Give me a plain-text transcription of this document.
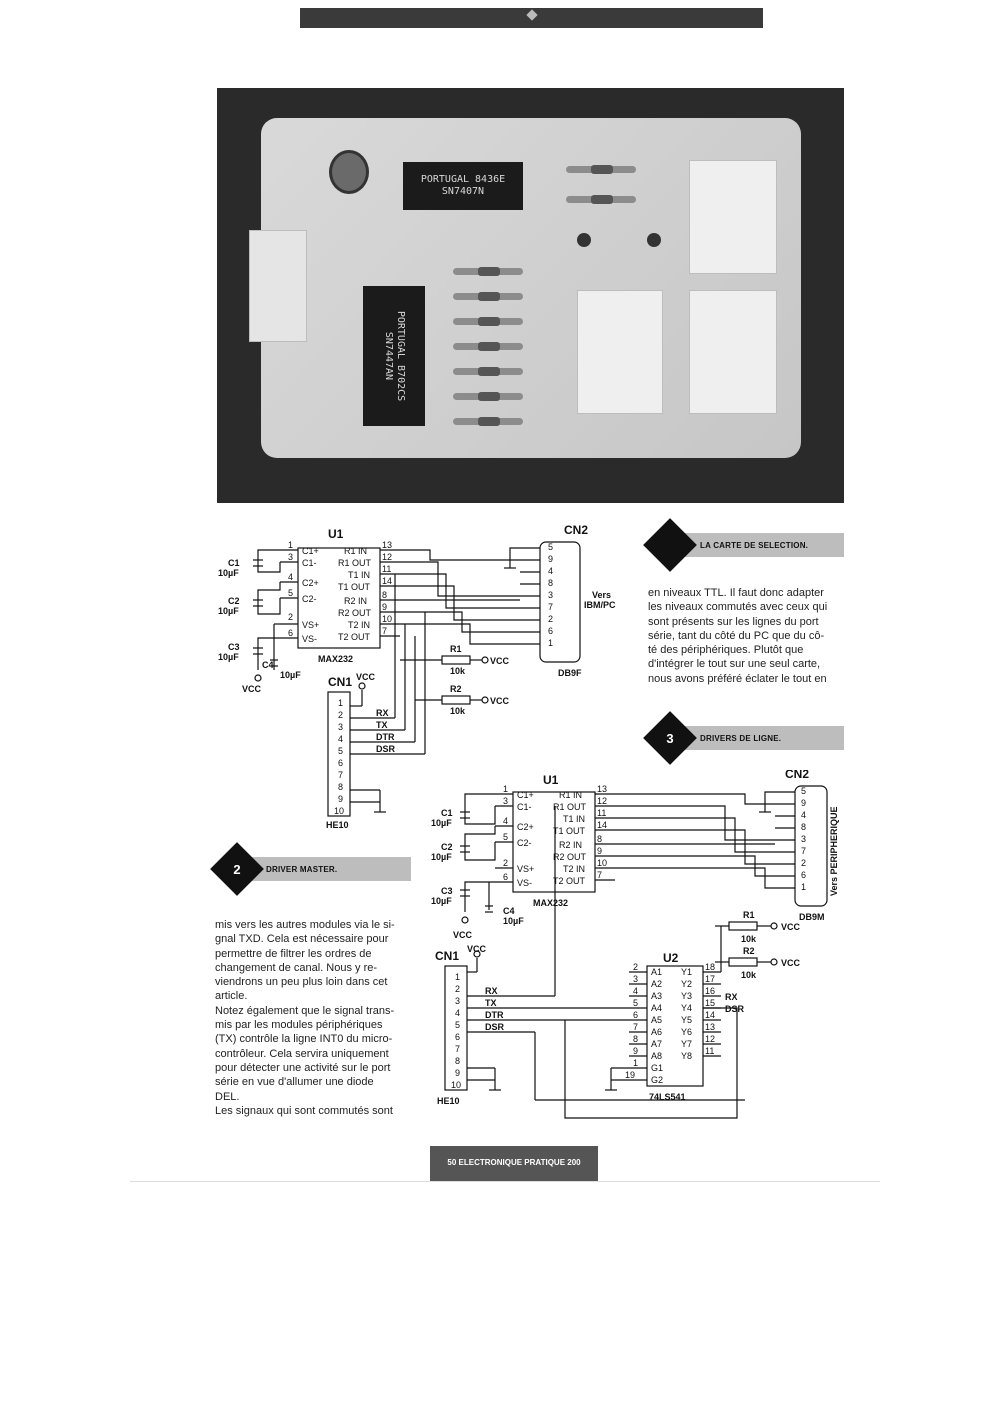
PORTUGAL 8436E
SN7407N
PORTUGAL B702CS
SN7447AN
U1
MAX232
C1+
C1-
C2+
C2-
VS+
VS-
1
3
4
5
2
6
R1 IN
R1 OUT
T1 IN
T1 OUT
R2 IN
R2 OUT
T2 IN
T2 OUT
13
12
11
14
8
9
10
7
C1
10µF
C2
10µF
C3
10µF
C4
10µF
VCC
R1
10k
R2
10k
VCC
VCC
VCC
CN2
DB9F
Vers
IBM/PC
5
9
4
8
3
7
2
6
1
CN1
HE10
1
2
3
4
5
6
7
8
9
10
RX
TX
DTR
DSR
LA CARTE DE SELECTION.
3	DRIVERS DE LIGNE.
2	DRIVER MASTER.

en niveaux TTL. Il faut donc adapter

les niveaux commutés avec ceux qui

sont présents sur les lignes du port

série, tant du côté du PC que du cô-

té des périphériques. Plutôt que

d'intégrer le tout sur une seul carte,

nous avons préféré éclater le tout en

mis vers les autres modules via le si-

gnal TXD. Cela est nécessaire pour

permettre de filtrer les ordres de

changement de canal. Nous y re-

viendrons un peu plus loin dans cet

article.

Notez également que le signal trans-

mis par les modules périphériques

(TX) contrôle la ligne INT0 du micro-

contrôleur. Cela servira uniquement

pour détecter une activité sur le port

série en vue d'allumer une diode

DEL.

Les signaux qui sont commutés sont

U1
MAX232
C1+
C1-
C2+
C2-
VS+
VS-
R1 IN
R1 OUT
T1 IN
T1 OUT
R2 IN
R2 OUT
T2 IN
T2 OUT
13
12
11
14
8
9
10
7
1
3
4
5
2
6
C1
10µF
C2
10µF
C3
10µF
C4
10µF
VCC
CN2
DB9M
Vers PERIPHERIQUE
5
9
4
8
3
7
2
6
1
R1
10k
R2
10k
VCC
VCC
VCC
U2
74LS541
A1
A2
A3
A4
A5
A6
A7
A8
G1
G2
2
3
4
5
6
7
8
9
1
19
Y1
Y2
Y3
Y4
Y5
Y6
Y7
Y8
18
17
16
15
14
13
12
11
RX
DSR
CN1
HE10
1
2
3
4
5
6
7
8
9
10
RX
TX
DTR
DSR
50 ELECTRONIQUE PRATIQUE 200
